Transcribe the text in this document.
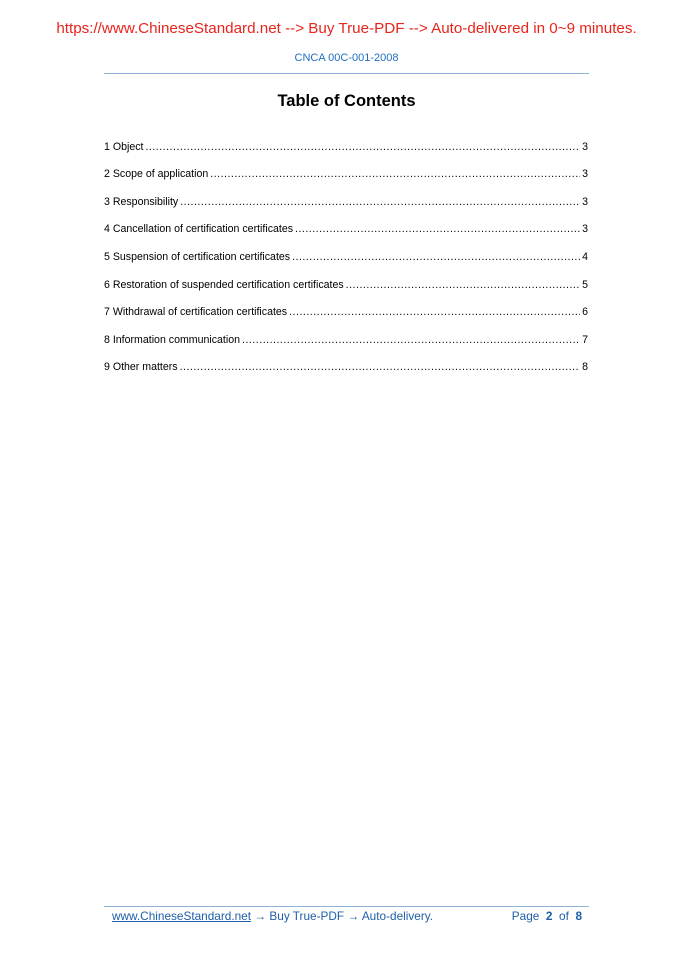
https://www.ChineseStandard.net --> Buy True-PDF --> Auto-delivered in 0~9 minutes.
CNCA 00C-001-2008
Table of Contents
1 Object .....	3
2 Scope of application .....	3
3 Responsibility .....	3
4 Cancellation of certification certificates .....	3
5 Suspension of certification certificates .....	4
6 Restoration of suspended certification certificates .....	5
7 Withdrawal of certification certificates .....	6
8 Information communication .....	7
9 Other matters .....	8
www.ChineseStandard.net → Buy True-PDF → Auto-delivery.	Page 2 of 8
